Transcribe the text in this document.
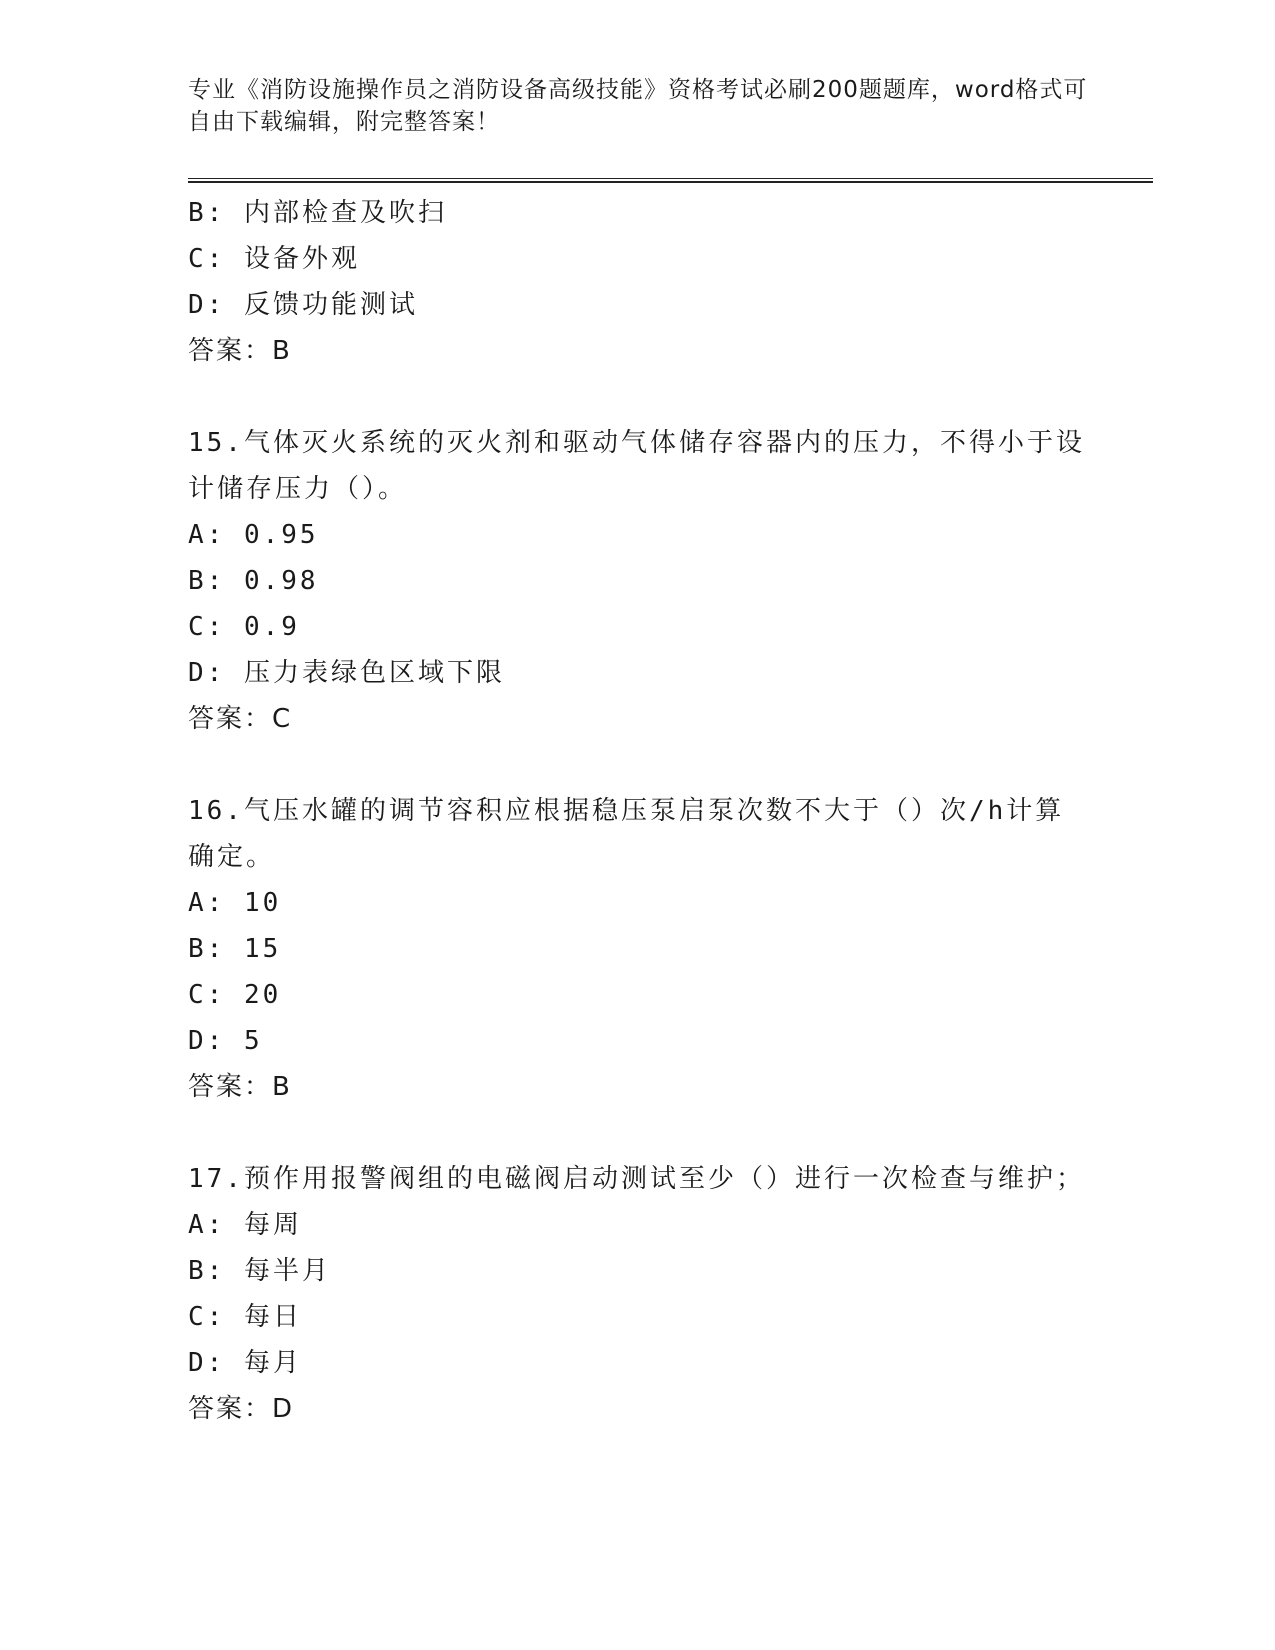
专业《消防设施操作员之消防设备高级技能》资格考试必刷200题题库，word格式可自由下载编辑，附完整答案！
B: 内部检查及吹扫
C: 设备外观
D: 反馈功能测试
答案：B
15.气体灭火系统的灭火剂和驱动气体储存容器内的压力，不得小于设计储存压力（）。
A: 0.95
B: 0.98
C: 0.9
D: 压力表绿色区域下限
答案：C
16.气压水罐的调节容积应根据稳压泵启泵次数不大于（）次/h计算确定。
A: 10
B: 15
C: 20
D: 5
答案：B
17.预作用报警阀组的电磁阀启动测试至少（）进行一次检查与维护；
A: 每周
B: 每半月
C: 每日
D: 每月
答案：D
